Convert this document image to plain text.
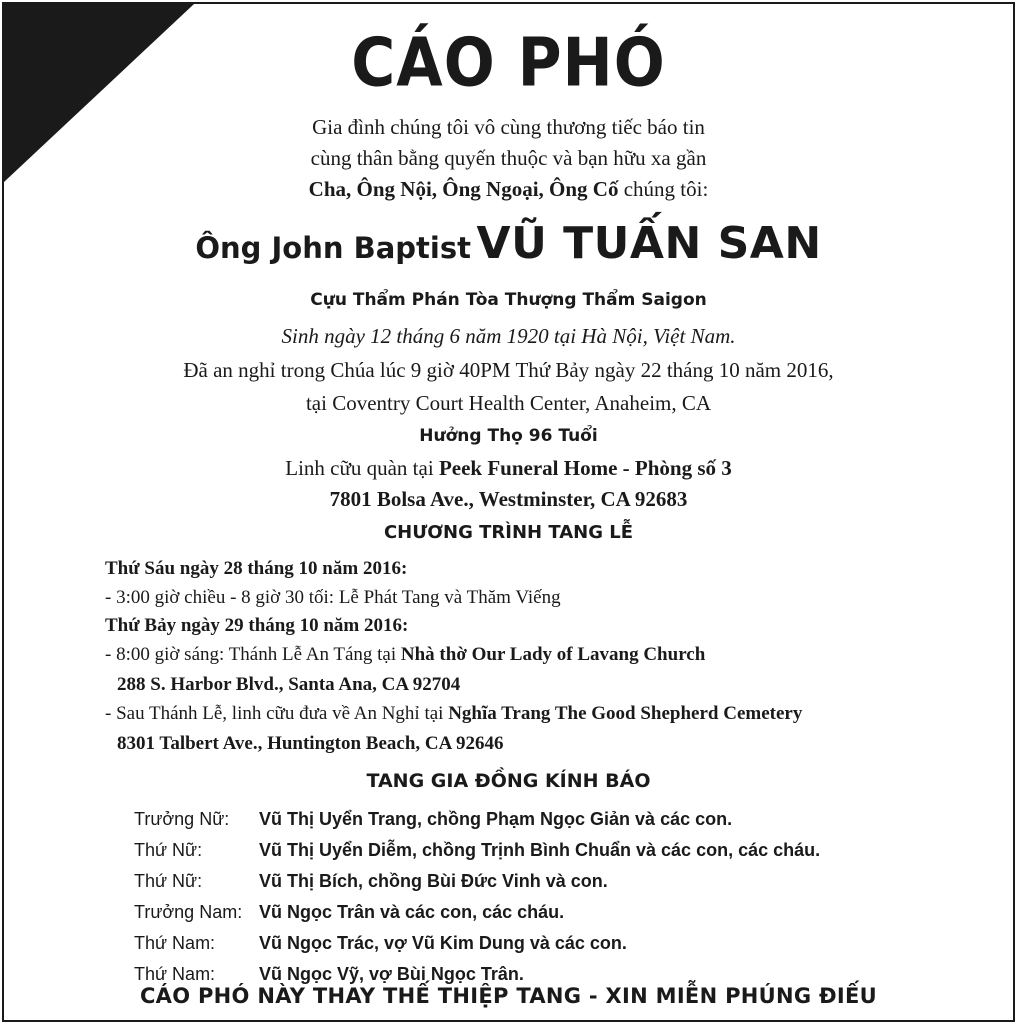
CÁO PHÓ
Gia đình chúng tôi vô cùng thương tiếc báo tin
cùng thân bằng quyến thuộc và bạn hữu xa gần
Cha, Ông Nội, Ông Ngoại, Ông Cố chúng tôi:
Ông John Baptist VŨ TUẤN SAN
Cựu Thẩm Phán Tòa Thượng Thẩm Saigon
Sinh ngày 12 tháng 6 năm 1920 tại Hà Nội, Việt Nam.
Đã an nghỉ trong Chúa lúc 9 giờ 40PM Thứ Bảy ngày 22 tháng 10 năm 2016,
tại Coventry Court Health Center, Anaheim, CA
Hưởng Thọ 96 Tuổi
Linh cữu quàn tại Peek Funeral Home - Phòng số 3
7801 Bolsa Ave., Westminster, CA 92683
CHƯƠNG TRÌNH TANG LỄ
Thứ Sáu ngày 28 tháng 10 năm 2016:
- 3:00 giờ chiều - 8 giờ 30 tối: Lễ Phát Tang và Thăm Viếng
Thứ Bảy ngày 29 tháng 10 năm 2016:
- 8:00 giờ sáng: Thánh Lễ An Táng tại Nhà thờ Our Lady of Lavang Church
288 S. Harbor Blvd., Santa Ana, CA 92704
- Sau Thánh Lễ, linh cữu đưa về An Nghỉ tại Nghĩa Trang The Good Shepherd Cemetery
8301 Talbert Ave., Huntington Beach, CA 92646
TANG GIA ĐỒNG KÍNH BÁO
Trưởng Nữ: Vũ Thị Uyển Trang, chồng Phạm Ngọc Giản và các con.
Thứ Nữ:	Vũ Thị Uyển Diễm, chồng Trịnh Bình Chuẩn và các con, các cháu.
Thứ Nữ:	Vũ Thị Bích, chồng Bùi Đức Vinh và con.
Trưởng Nam: Vũ Ngọc Trân và các con, các cháu.
Thứ Nam: Vũ Ngọc Trác, vợ Vũ Kim Dung và các con.
Thứ Nam: Vũ Ngọc Vỹ, vợ Bùi Ngọc Trân.
CÁO PHÓ NÀY THAY THẾ THIỆP TANG - XIN MIỄN PHÚNG ĐIẾU
